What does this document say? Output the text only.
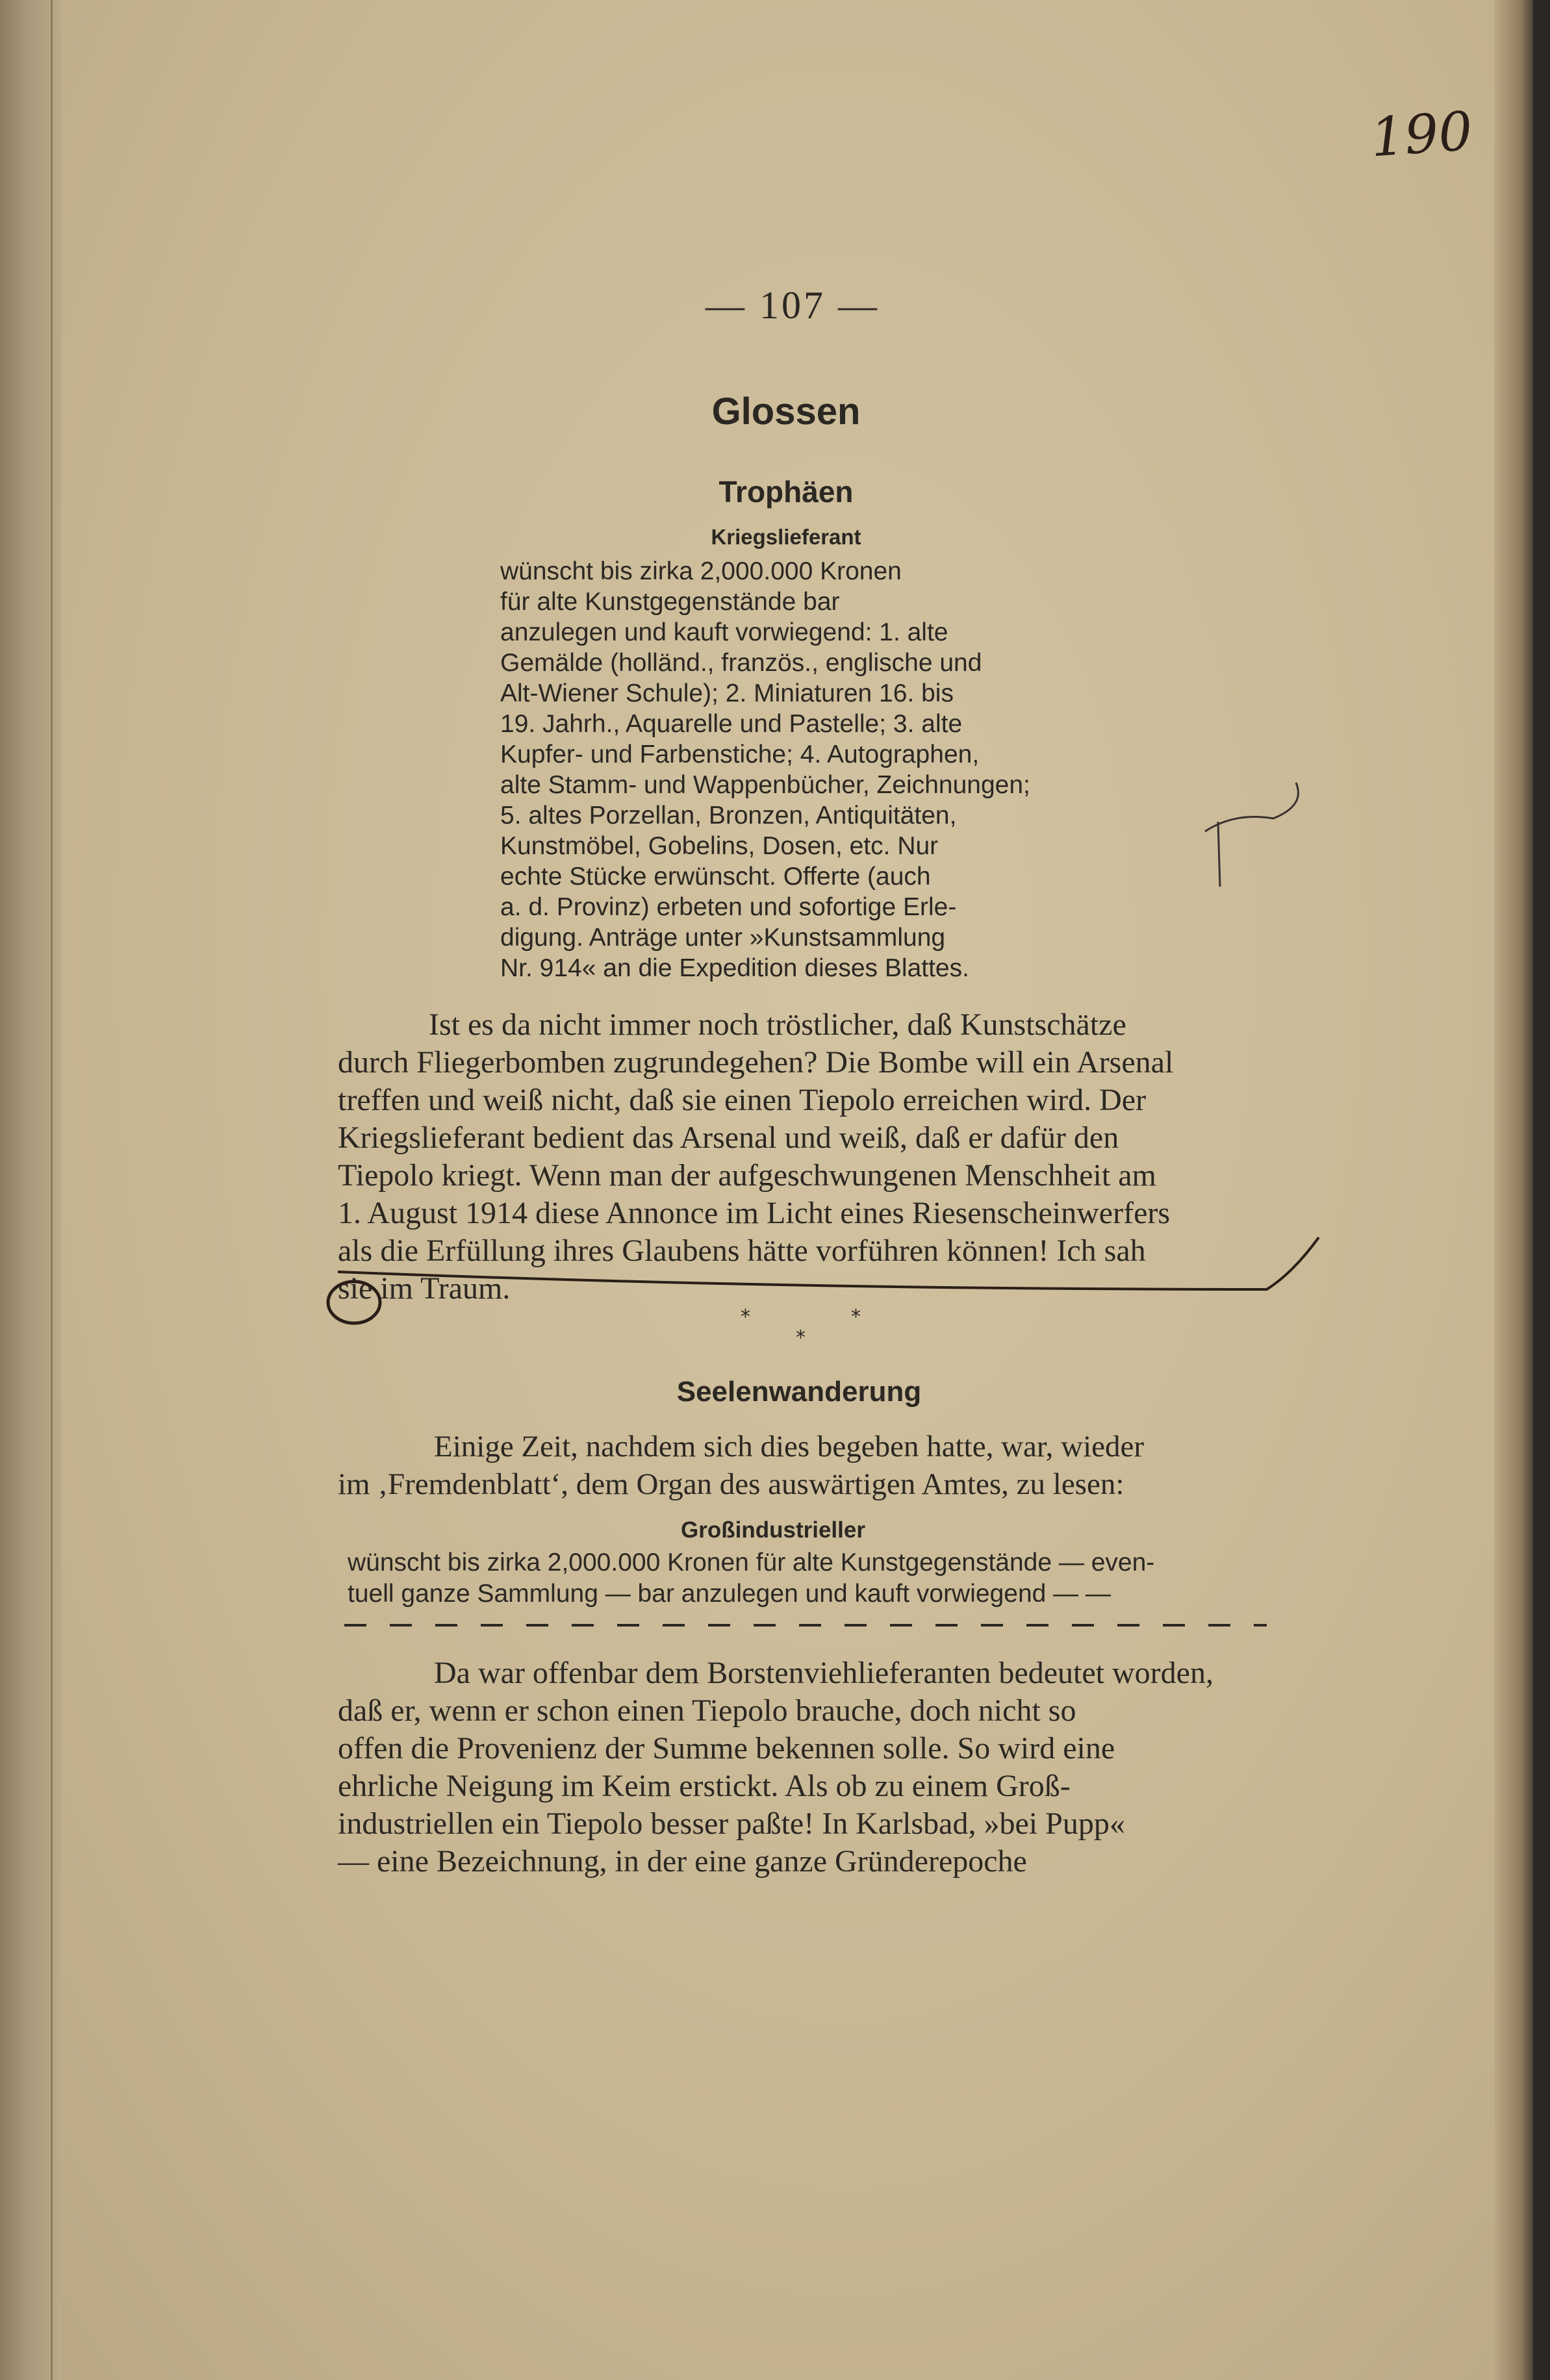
190
— 107 —
Glossen
Trophäen
Kriegslieferant
wünscht bis zirka 2,000.000 Kronen
für alte Kunstgegenstände bar
anzulegen und kauft vorwiegend: 1. alte
Gemälde (holländ., französ., englische und
Alt-Wiener Schule); 2. Miniaturen 16. bis
19. Jahrh., Aquarelle und Pastelle; 3. alte
Kupfer- und Farbenstiche; 4. Autographen,
alte Stamm- und Wappenbücher, Zeichnungen;
5. altes Porzellan, Bronzen, Antiquitäten,
Kunstmöbel, Gobelins, Dosen, etc. Nur
echte Stücke erwünscht. Offerte (auch
a. d. Provinz) erbeten und sofortige Erle-
digung. Anträge unter »Kunstsammlung
Nr. 914« an die Expedition dieses Blattes.
Ist es da nicht immer noch tröstlicher, daß Kunstschätze
durch Fliegerbomben zugrundegehen? Die Bombe will ein Arsenal
treffen und weiß nicht, daß sie einen Tiepolo erreichen wird. Der
Kriegslieferant bedient das Arsenal und weiß, daß er dafür den
Tiepolo kriegt. Wenn man der aufgeschwungenen Menschheit am
1. August 1914 diese Annonce im Licht eines Riesenscheinwerfers
als die Erfüllung ihres Glaubens hätte vorführen können! Ich sah
sie im Traum.
*
*
*
Seelenwanderung
Einige Zeit, nachdem sich dies begeben hatte, war, wieder
im ‚Fremdenblatt‘, dem Organ des auswärtigen Amtes, zu lesen:
Großindustrieller
wünscht bis zirka 2,000.000 Kronen für alte Kunstgegenstände — even-
tuell ganze Sammlung — bar anzulegen und kauft vorwiegend — —
Da war offenbar dem Borstenviehlieferanten bedeutet worden,
daß er, wenn er schon einen Tiepolo brauche, doch nicht so
offen die Provenienz der Summe bekennen solle. So wird eine
ehrliche Neigung im Keim erstickt. Als ob zu einem Groß-
industriellen ein Tiepolo besser paßte! In Karlsbad, »bei Pupp«
— eine Bezeichnung, in der eine ganze Gründerepoche
